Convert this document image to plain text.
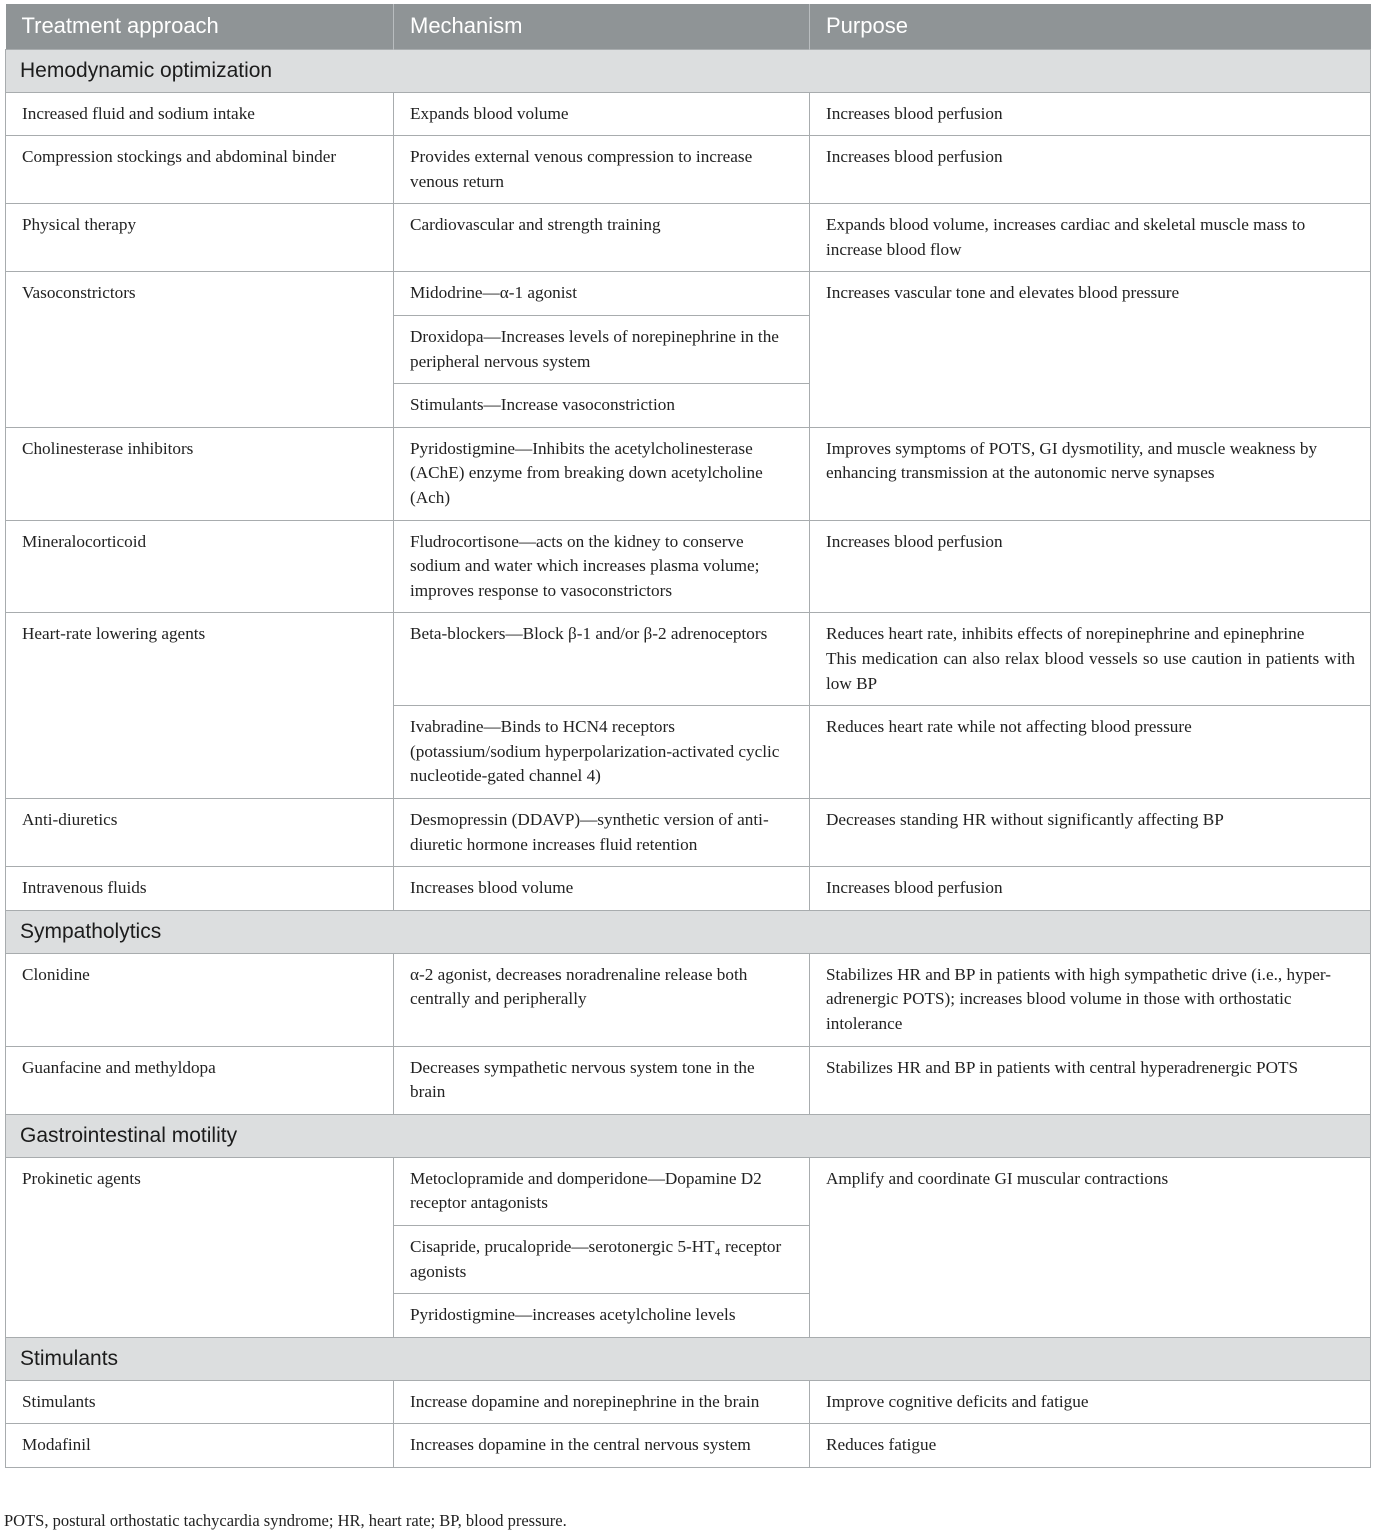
Treatment approach	Mechanism	Purpose
Hemodynamic optimization		
Increased fluid and sodium intake	Expands blood volume	Increases blood perfusion

Compression stockings and abdominal binder	Provides external venous compression to increase venous return	Increases blood perfusion

Physical therapy	Cardiovascular and strength training	Expands blood volume, increases cardiac and skeletal muscle mass to increase blood flow

Vasoconstrictors	Midodrine—α-1 agonist	Increases vascular tone and elevates blood pressure

	Droxidopa—Increases levels of norepinephrine in the peripheral nervous system	
	Stimulants—Increase vasoconstriction	
Cholinesterase inhibitors	Pyridostigmine—Inhibits the acetylcholinesterase (AChE) enzyme from breaking down acetylcholine (Ach)	Improves symptoms of POTS, GI dysmotility, and muscle weakness by enhancing transmission at the autonomic nerve synapses

Mineralocorticoid	Fludrocortisone—acts on the kidney to conserve sodium and water which increases plasma volume; improves response to vasoconstrictors	Increases blood perfusion

Heart-rate lowering agents	Beta-blockers—Block β-1 and/or β-2 adrenoceptors	Reduces heart rate, inhibits effects of norepinephrine and epinephrine
This medication can also relax blood vessels so use caution in patients with low BP

	Ivabradine—Binds to HCN4 receptors (potassium/sodium hyperpolarization-activated cyclic nucleotide-gated channel 4)	Reduces heart rate while not affecting blood pressure

Anti-diuretics	Desmopressin (DDAVP)—synthetic version of anti-diuretic hormone increases fluid retention	Decreases standing HR without significantly affecting BP

Intravenous fluids	Increases blood volume	Increases blood perfusion

Sympatholytics		
Clonidine	α-2 agonist, decreases noradrenaline release both centrally and peripherally	Stabilizes HR and BP in patients with high sympathetic drive (i.e., hyper-adrenergic POTS); increases blood volume in those with orthostatic intolerance

Guanfacine and methyldopa	Decreases sympathetic nervous system tone in the brain	Stabilizes HR and BP in patients with central hyperadrenergic POTS

Gastrointestinal motility		
Prokinetic agents	Metoclopramide and domperidone—Dopamine D2 receptor antagonists	Amplify and coordinate GI muscular contractions

	Cisapride, prucalopride—serotonergic 5-HT₄ receptor agonists	
	Pyridostigmine—increases acetylcholine levels	
Stimulants		
Stimulants	Increase dopamine and norepinephrine in the brain	Improve cognitive deficits and fatigue

Modafinil	Increases dopamine in the central nervous system	Reduces fatigue

POTS, postural orthostatic tachycardia syndrome; HR, heart rate; BP, blood pressure.
